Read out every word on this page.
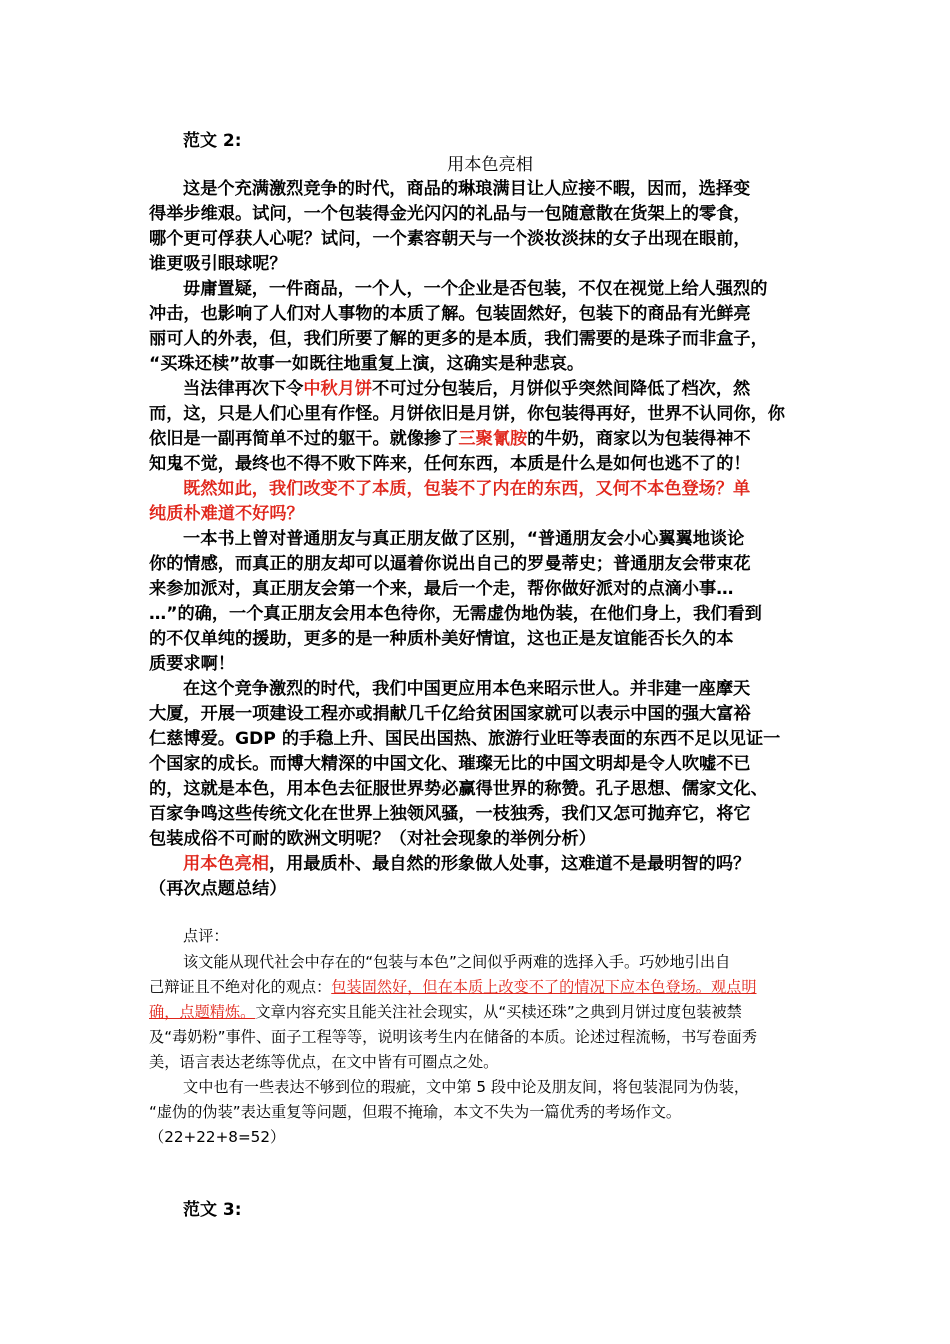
范文 2:
用本色亮相
这是个充满激烈竞争的时代，商品的琳琅满目让人应接不暇，因而，选择变
得举步维艰。试问，一个包装得金光闪闪的礼品与一包随意散在货架上的零食，
哪个更可俘获人心呢？试问，一个素容朝天与一个淡妆淡抹的女子出现在眼前，
谁更吸引眼球呢？
毋庸置疑，一件商品，一个人，一个企业是否包装，不仅在视觉上给人强烈的
冲击，也影响了人们对人事物的本质了解。包装固然好，包装下的商品有光鲜亮
丽可人的外表，但，我们所要了解的更多的是本质，我们需要的是珠子而非盒子，
“买珠还椟”故事一如既往地重复上演，这确实是种悲哀。
当法律再次下令中秋月饼不可过分包装后，月饼似乎突然间降低了档次，然
而，这，只是人们心里有作怪。月饼依旧是月饼，你包装得再好，世界不认同你，你
依旧是一副再简单不过的躯干。就像掺了三聚氰胺的牛奶，商家以为包装得神不
知鬼不觉，最终也不得不败下阵来，任何东西，本质是什么是如何也逃不了的！
既然如此，我们改变不了本质，包装不了内在的东西，又何不本色登场？单
纯质朴难道不好吗？
一本书上曾对普通朋友与真正朋友做了区别，“普通朋友会小心翼翼地谈论
你的情感，而真正的朋友却可以逼着你说出自己的罗曼蒂史；普通朋友会带束花
来参加派对，真正朋友会第一个来，最后一个走，帮你做好派对的点滴小事…
…”的确，一个真正朋友会用本色待你，无需虚伪地伪装，在他们身上，我们看到
的不仅单纯的援助，更多的是一种质朴美好情谊，这也正是友谊能否长久的本
质要求啊！
在这个竞争激烈的时代，我们中国更应用本色来昭示世人。并非建一座摩天
大厦，开展一项建设工程亦或捐献几千亿给贫困国家就可以表示中国的强大富裕
仁慈博爱。GDP 的手稳上升、国民出国热、旅游行业旺等表面的东西不足以见证一
个国家的成长。而博大精深的中国文化、璀璨无比的中国文明却是令人吹嘘不已
的，这就是本色，用本色去征服世界势必赢得世界的称赞。孔子思想、儒家文化、
百家争鸣这些传统文化在世界上独领风骚，一枝独秀，我们又怎可抛弃它，将它
包装成俗不可耐的欧洲文明呢？（对社会现象的举例分析）
用本色亮相，用最质朴、最自然的形象做人处事，这难道不是最明智的吗？
（再次点题总结）
点评：
该文能从现代社会中存在的“包装与本色”之间似乎两难的选择入手。巧妙地引出自
己辩证且不绝对化的观点：包装固然好，但在本质上改变不了的情况下应本色登场。观点明
确，点题精炼。文章内容充实且能关注社会现实，从“买椟还珠”之典到月饼过度包装被禁
及“毒奶粉”事件、面子工程等等，说明该考生内在储备的本质。论述过程流畅，书写卷面秀
美，语言表达老练等优点，在文中皆有可圈点之处。
文中也有一些表达不够到位的瑕疵，文中第 5 段中论及朋友间，将包装混同为伪装，
“虚伪的伪装”表达重复等问题，但瑕不掩瑜，本文不失为一篇优秀的考场作文。
（22+22+8=52）
范文 3:
